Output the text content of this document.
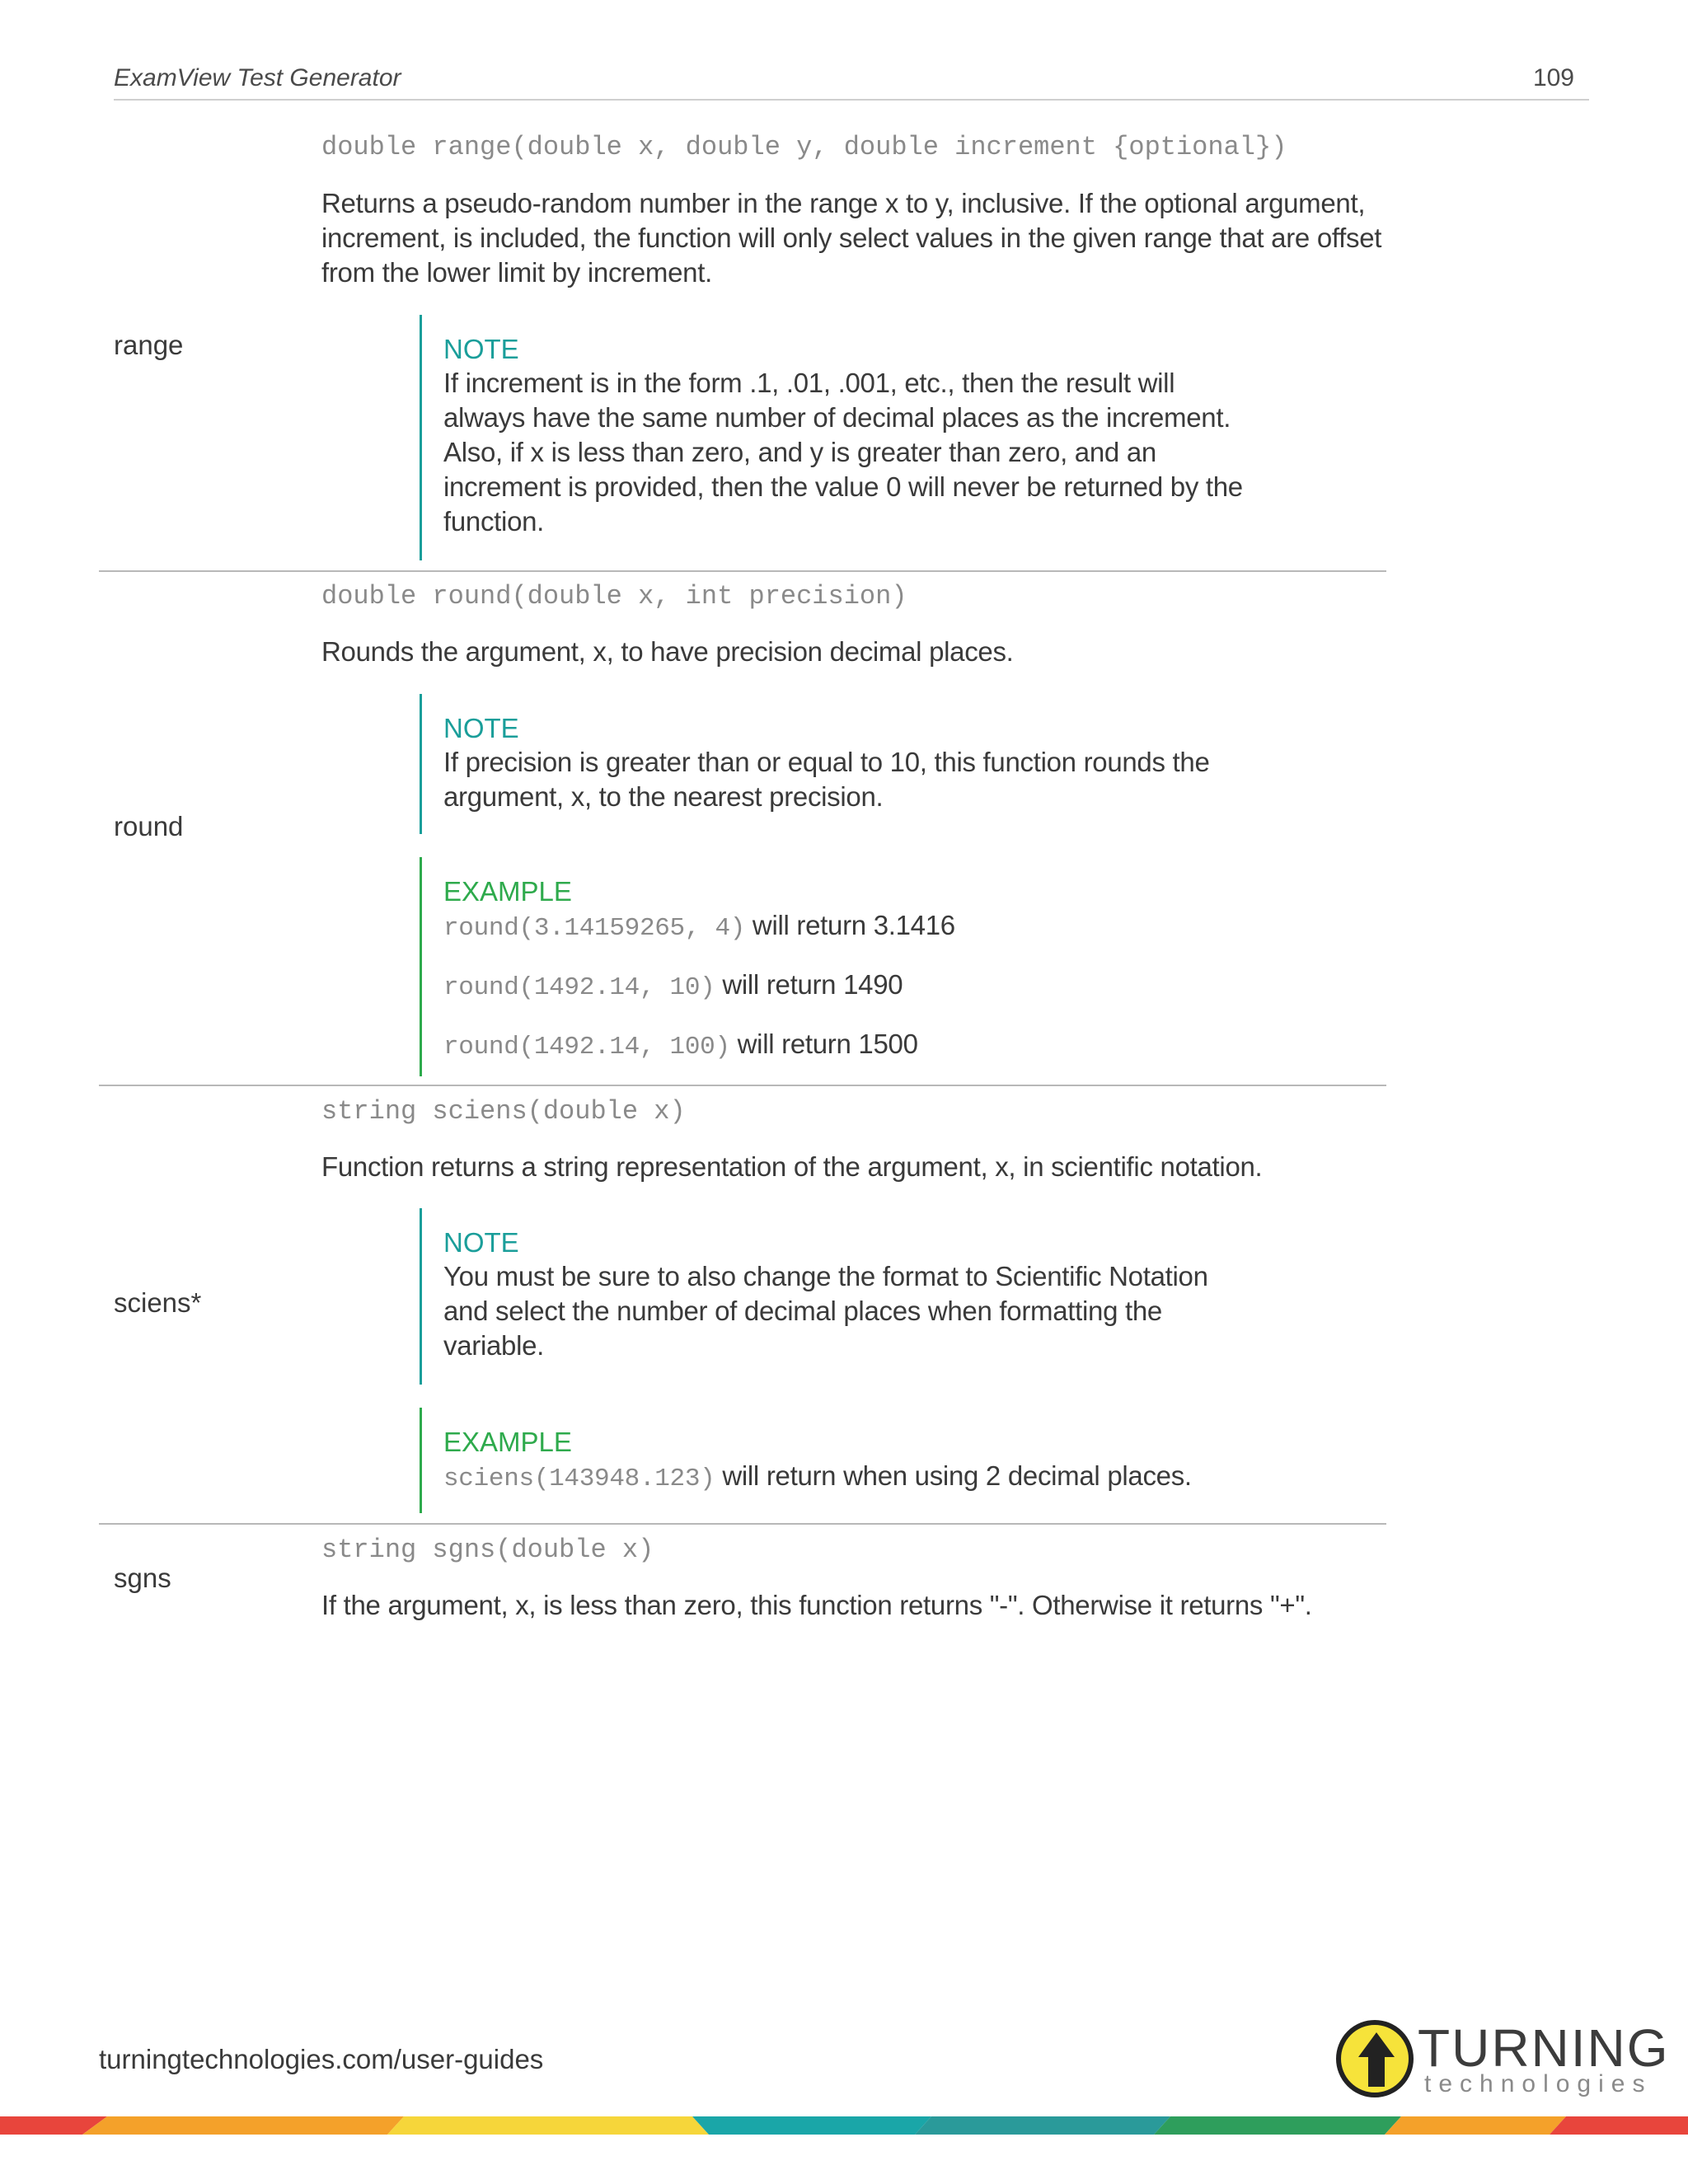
ExamView Test Generator	109
range
double range(double x, double y, double increment {optional})
Returns a pseudo-random number in the range x to y, inclusive. If the optional argument, increment, is included, the function will only select values in the given range that are offset from the lower limit by increment.
NOTE
If increment is in the form .1, .01, .001, etc., then the result will always have the same number of decimal places as the increment. Also, if x is less than zero, and y is greater than zero, and an increment is provided, then the value 0 will never be returned by the function.
round
double round(double x, int precision)
Rounds the argument, x, to have precision decimal places.
NOTE
If precision is greater than or equal to 10, this function rounds the argument, x, to the nearest precision.
EXAMPLE
round(3.14159265, 4) will return 3.1416
round(1492.14, 10) will return 1490
round(1492.14, 100) will return 1500
sciens*
string sciens(double x)
Function returns a string representation of the argument, x, in scientific notation.
NOTE
You must be sure to also change the format to Scientific Notation and select the number of decimal places when formatting the variable.
EXAMPLE
sciens(143948.123) will return when using 2 decimal places.
sgns
string sgns(double x)
If the argument, x, is less than zero, this function returns "-". Otherwise it returns "+".
turningtechnologies.com/user-guides	TURNING
technologies
